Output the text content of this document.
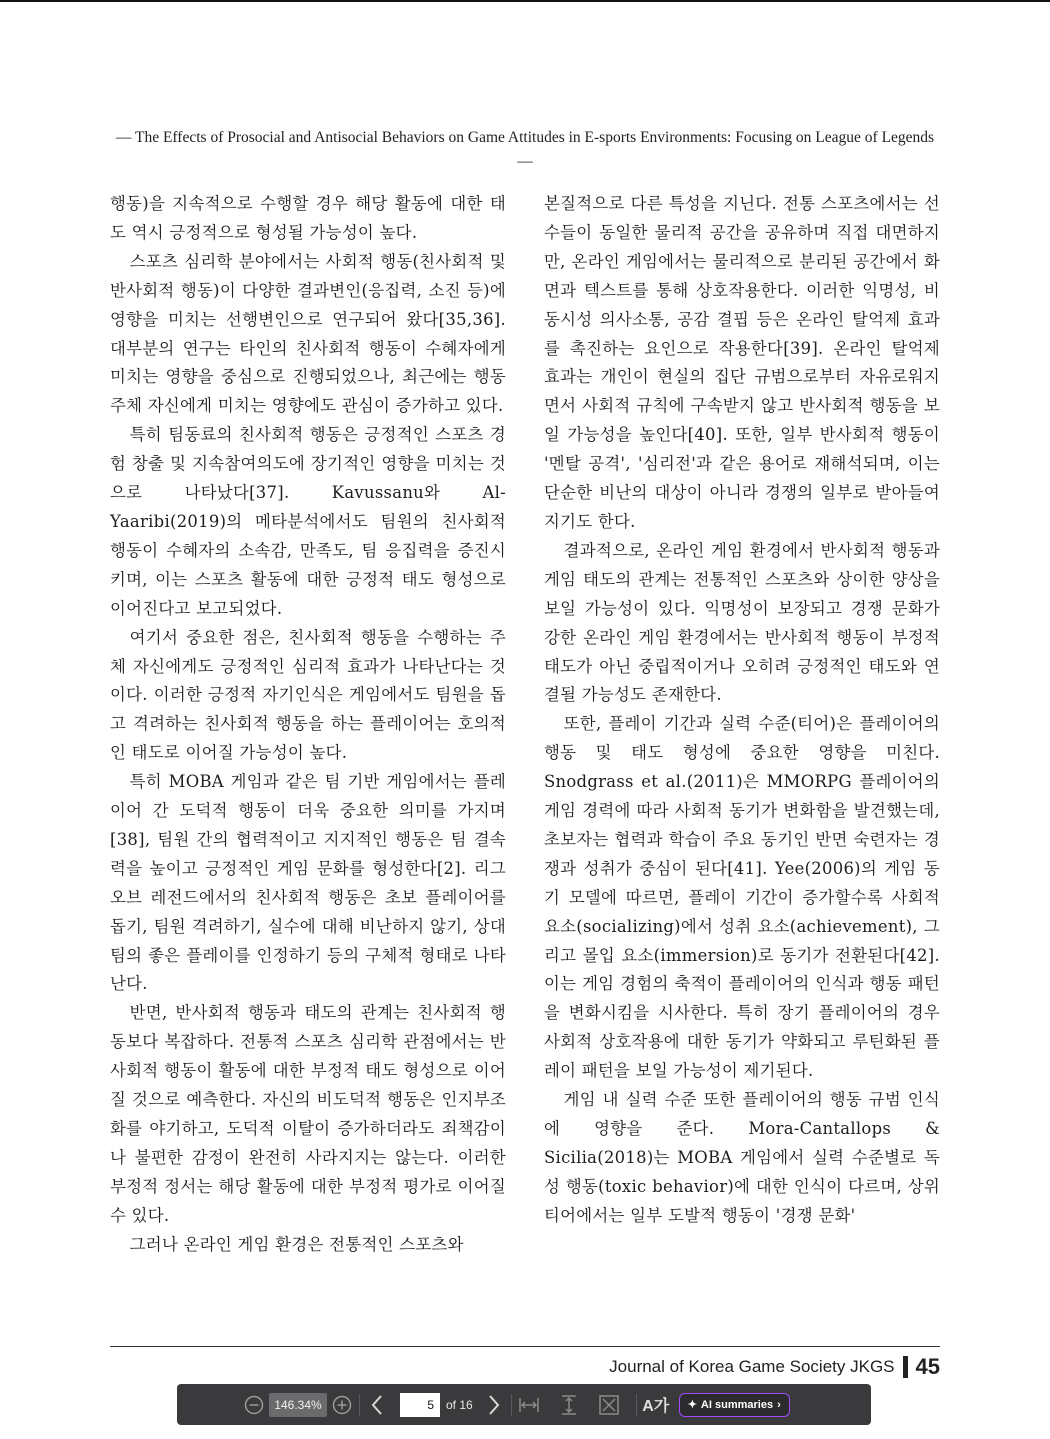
— The Effects of Prosocial and Antisocial Behaviors on Game Attitudes in E-sports Environments: Focusing on League of Legends —

행동)을 지속적으로 수행할 경우 해당 활동에 대한 태도 역시 긍정적으로 형성될 가능성이 높다.

스포츠 심리학 분야에서는 사회적 행동(친사회적 및 반사회적 행동)이 다양한 결과변인(응집력, 소진 등)에 영향을 미치는 선행변인으로 연구되어 왔다[35,36]. 대부분의 연구는 타인의 친사회적 행동이 수혜자에게 미치는 영향을 중심으로 진행되었으나, 최근에는 행동 주체 자신에게 미치는 영향에도 관심이 증가하고 있다.

특히 팀동료의 친사회적 행동은 긍정적인 스포츠 경험 창출 및 지속참여의도에 장기적인 영향을 미치는 것으로 나타났다[37]. Kavussanu와 Al-Yaaribi(2019)의 메타분석에서도 팀원의 친사회적 행동이 수혜자의 소속감, 만족도, 팀 응집력을 증진시키며, 이는 스포츠 활동에 대한 긍정적 태도 형성으로 이어진다고 보고되었다.

여기서 중요한 점은, 친사회적 행동을 수행하는 주체 자신에게도 긍정적인 심리적 효과가 나타난다는 것이다. 이러한 긍정적 자기인식은 게임에서도 팀원을 돕고 격려하는 친사회적 행동을 하는 플레이어는 호의적인 태도로 이어질 가능성이 높다.

특히 MOBA 게임과 같은 팀 기반 게임에서는 플레이어 간 도덕적 행동이 더욱 중요한 의미를 가지며[38], 팀원 간의 협력적이고 지지적인 행동은 팀 결속력을 높이고 긍정적인 게임 문화를 형성한다[2]. 리그 오브 레전드에서의 친사회적 행동은 초보 플레이어를 돕기, 팀원 격려하기, 실수에 대해 비난하지 않기, 상대팀의 좋은 플레이를 인정하기 등의 구체적 형태로 나타난다.

반면, 반사회적 행동과 태도의 관계는 친사회적 행동보다 복잡하다. 전통적 스포츠 심리학 관점에서는 반사회적 행동이 활동에 대한 부정적 태도 형성으로 이어질 것으로 예측한다. 자신의 비도덕적 행동은 인지부조화를 야기하고, 도덕적 이탈이 증가하더라도 죄책감이나 불편한 감정이 완전히 사라지지는 않는다. 이러한 부정적 정서는 해당 활동에 대한 부정적 평가로 이어질 수 있다.

그러나 온라인 게임 환경은 전통적인 스포츠와

본질적으로 다른 특성을 지닌다. 전통 스포츠에서는 선수들이 동일한 물리적 공간을 공유하며 직접 대면하지만, 온라인 게임에서는 물리적으로 분리된 공간에서 화면과 텍스트를 통해 상호작용한다. 이러한 익명성, 비동시성 의사소통, 공감 결핍 등은 온라인 탈억제 효과를 촉진하는 요인으로 작용한다[39]. 온라인 탈억제 효과는 개인이 현실의 집단 규범으로부터 자유로워지면서 사회적 규칙에 구속받지 않고 반사회적 행동을 보일 가능성을 높인다[40]. 또한, 일부 반사회적 행동이 '멘탈 공격', '심리전'과 같은 용어로 재해석되며, 이는 단순한 비난의 대상이 아니라 경쟁의 일부로 받아들여지기도 한다.

결과적으로, 온라인 게임 환경에서 반사회적 행동과 게임 태도의 관계는 전통적인 스포츠와 상이한 양상을 보일 가능성이 있다. 익명성이 보장되고 경쟁 문화가 강한 온라인 게임 환경에서는 반사회적 행동이 부정적 태도가 아닌 중립적이거나 오히려 긍정적인 태도와 연결될 가능성도 존재한다.

또한, 플레이 기간과 실력 수준(티어)은 플레이어의 행동 및 태도 형성에 중요한 영향을 미친다. Snodgrass et al.(2011)은 MMORPG 플레이어의 게임 경력에 따라 사회적 동기가 변화함을 발견했는데, 초보자는 협력과 학습이 주요 동기인 반면 숙련자는 경쟁과 성취가 중심이 된다[41]. Yee(2006)의 게임 동기 모델에 따르면, 플레이 기간이 증가할수록 사회적 요소(socializing)에서 성취 요소(achievement), 그리고 몰입 요소(immersion)로 동기가 전환된다[42]. 이는 게임 경험의 축적이 플레이어의 인식과 행동 패턴을 변화시킴을 시사한다. 특히 장기 플레이어의 경우 사회적 상호작용에 대한 동기가 약화되고 루틴화된 플레이 패턴을 보일 가능성이 제기된다.

게임 내 실력 수준 또한 플레이어의 행동 규범 인식에 영향을 준다. Mora-Cantallops & Sicilia(2018)는 MOBA 게임에서 실력 수준별로 독성 행동(toxic behavior)에 대한 인식이 다르며, 상위 티어에서는 일부 도발적 행동이 '경쟁 문화'

Journal of Korea Game Society JKGS 45
146.34%
5	of 16	A가 ✦ AI summaries ›
